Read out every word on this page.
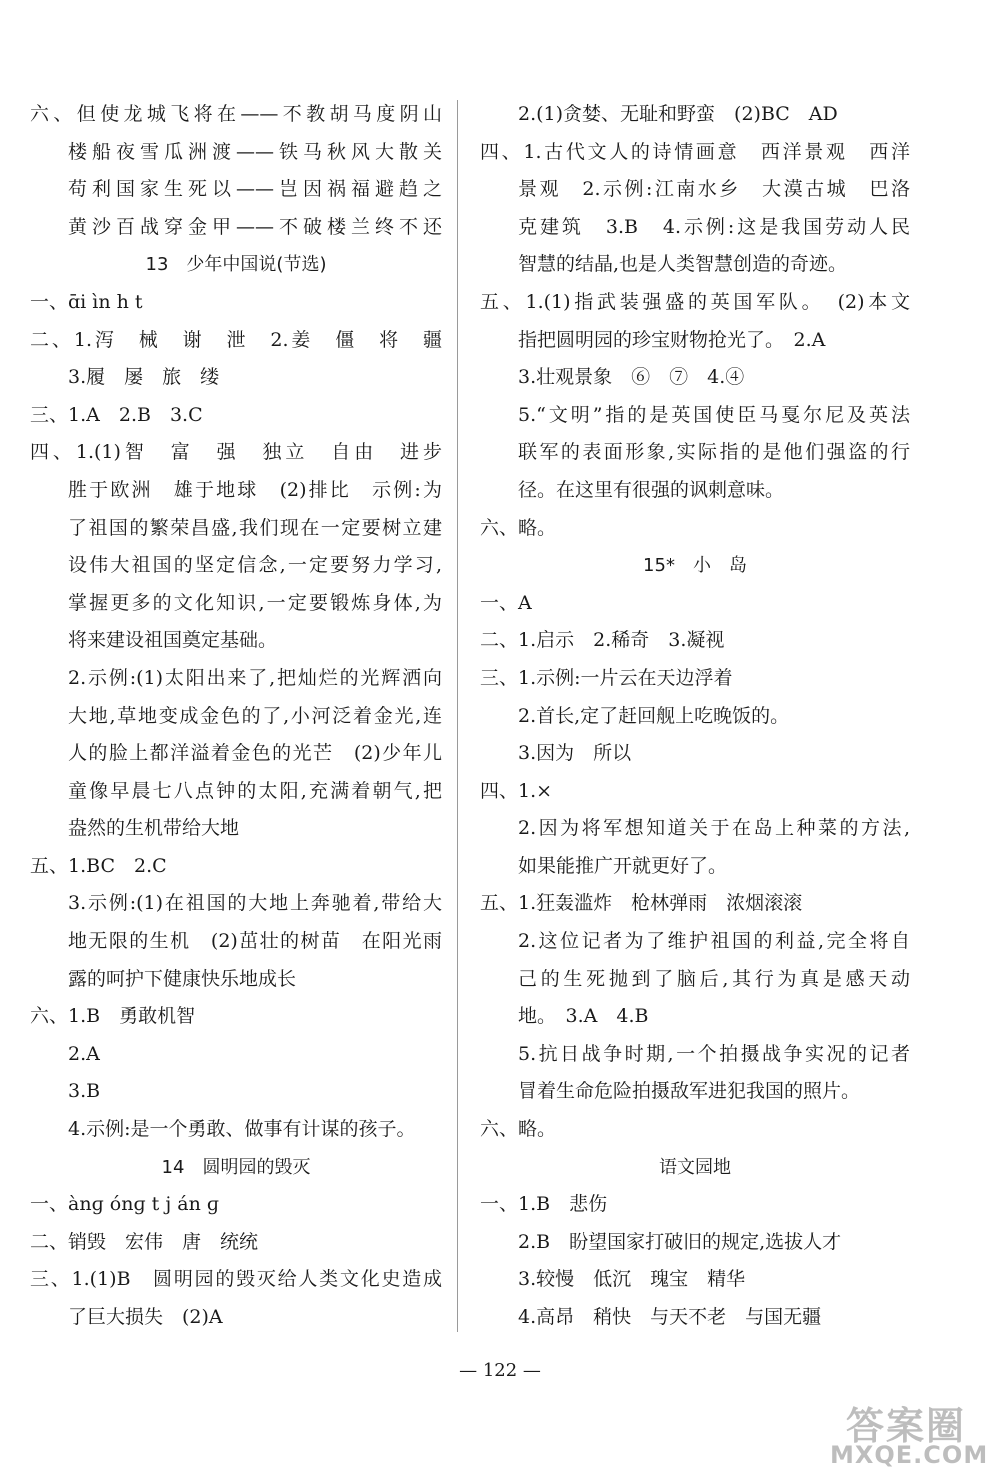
六、但使龙城飞将在——不教胡马度阴山
楼船夜雪瓜洲渡——铁马秋风大散关
苟利国家生死以——岂因祸福避趋之
黄沙百战穿金甲——不破楼兰终不还
13　少年中国说(节选)
一、ɑ̄i ìn h t
二、1.泻　械　谢　泄　2.姜　僵　将　疆
3.履　屡　旅　缕
三、1.A　2.B　3.C
四、1.(1)智　富　强　独立　自由　进步
胜于欧洲　雄于地球　(2)排比　示例:为
了祖国的繁荣昌盛,我们现在一定要树立建
设伟大祖国的坚定信念,一定要努力学习,
掌握更多的文化知识,一定要锻炼身体,为
将来建设祖国奠定基础。
2.示例:(1)太阳出来了,把灿烂的光辉洒向
大地,草地变成金色的了,小河泛着金光,连
人的脸上都洋溢着金色的光芒　(2)少年儿
童像早晨七八点钟的太阳,充满着朝气,把
盎然的生机带给大地
五、1.BC　2.C
3.示例:(1)在祖国的大地上奔驰着,带给大
地无限的生机　(2)茁壮的树苗　在阳光雨
露的呵护下健康快乐地成长
六、1.B　勇敢机智
2.A
3.B
4.示例:是一个勇敢、做事有计谋的孩子。
14　圆明园的毁灭
一、ànɡ ónɡ t j án ɡ
二、销毁　宏伟　唐　统统
三、1.(1)B　圆明园的毁灭给人类文化史造成
了巨大损失　(2)A
2.(1)贪婪、无耻和野蛮　(2)BC　AD
四、1.古代文人的诗情画意　西洋景观　西洋
景观　2.示例:江南水乡　大漠古城　巴洛
克建筑　3.B　4.示例:这是我国劳动人民
智慧的结晶,也是人类智慧创造的奇迹。
五、1.(1)指武装强盛的英国军队。　(2)本文
指把圆明园的珍宝财物抢光了。　2.A
3.壮观景象　⑥　⑦　4.④
5.“文明”指的是英国使臣马戛尔尼及英法
联军的表面形象,实际指的是他们强盗的行
径。在这里有很强的讽刺意味。
六、略。
15*　小　岛
一、A
二、1.启示　2.稀奇　3.凝视
三、1.示例:一片云在天边浮着
2.首长,定了赶回舰上吃晚饭的。
3.因为　所以
四、1.×
2.因为将军想知道关于在岛上种菜的方法,
如果能推广开就更好了。
五、1.狂轰滥炸　枪林弹雨　浓烟滚滚
2.这位记者为了维护祖国的利益,完全将自
己的生死抛到了脑后,其行为真是感天动
地。　3.A　4.B
5.抗日战争时期,一个拍摄战争实况的记者
冒着生命危险拍摄敌军进犯我国的照片。
六、略。
语文园地
一、1.B　悲伤
2.B　盼望国家打破旧的规定,选拔人才
3.较慢　低沉　瑰宝　精华
4.高昂　稍快　与天不老　与国无疆
— 122 —
答案圈
MXQE.COM
